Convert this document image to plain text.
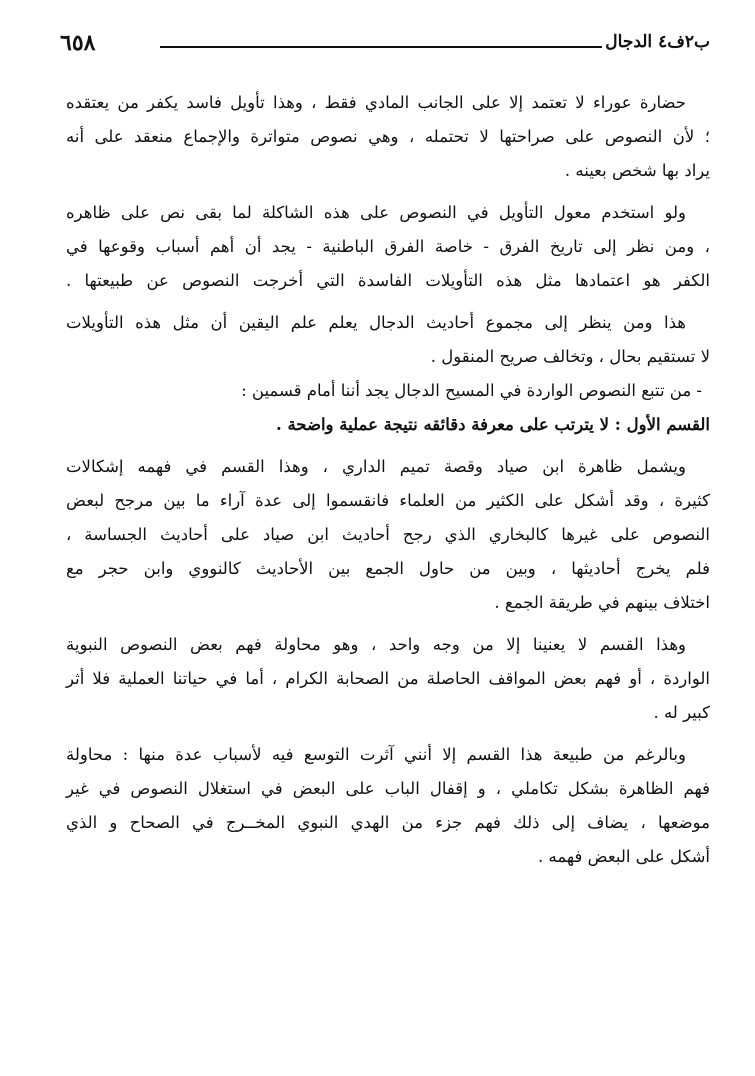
٦٥٨	ب٢ف٤ الدجال
حضارة عوراء لا تعتمد إلا على الجانب المادي فقط ، وهذا تأويل فاسد يكفر من يعتقده
؛ لأن النصوص على صراحتها لا تحتمله ، وهي نصوص متواترة والإجماع منعقد على أنه
يراد بها شخص بعينه .
ولو استخدم معول التأويل في النصوص على هذه الشاكلة لما بقى نص على ظاهره
، ومن نظر إلى تاريخ الفرق - خاصة الفرق الباطنية - يجد أن أهم أسباب وقوعها في
الكفر هو اعتمادها مثل هذه التأويلات الفاسدة التي أخرجت النصوص عن طبيعتها .
هذا ومن ينظر إلى مجموع أحاديث الدجال يعلم علم اليقين أن مثل هذه التأويلات
لا تستقيم بحال ، وتخالف صريح المنقول .
- من تتبع النصوص الواردة في المسيح الدجال يجد أننا أمام قسمين :
القسم الأول : لا يترتب على معرفة دقائقه نتيجة عملية واضحة .
ويشمل ظاهرة ابن صياد وقصة تميم الداري ، وهذا القسم في فهمه إشكالات
كثيرة ، وقد أشكل على الكثير من العلماء فانقسموا إلى عدة آراء ما بين مرجح لبعض
النصوص على غيرها كالبخاري الذي رجح أحاديث ابن صياد على أحاديث الجساسة ،
فلم يخرج أحاديثها ، وبين من حاول الجمع بين الأحاديث كالنووي وابن حجر مع
اختلاف بينهم في طريقة الجمع .
وهذا القسم لا يعنينا إلا من وجه واحد ، وهو محاولة فهم بعض النصوص النبوية
الواردة ، أو فهم بعض المواقف الحاصلة من الصحابة الكرام ، أما في حياتنا العملية فلا أثر
كبير له .
وبالرغم من طبيعة هذا القسم إلا أنني آثرت التوسع فيه لأسباب عدة منها : محاولة
فهم الظاهرة بشكل تكاملي ، و إقفال الباب على البعض في استغلال النصوص في غير
موضعها ، يضاف إلى ذلك فهم جزء من الهدي النبوي المخــرج في الصحاح و الذي
أشكل على البعض فهمه .
